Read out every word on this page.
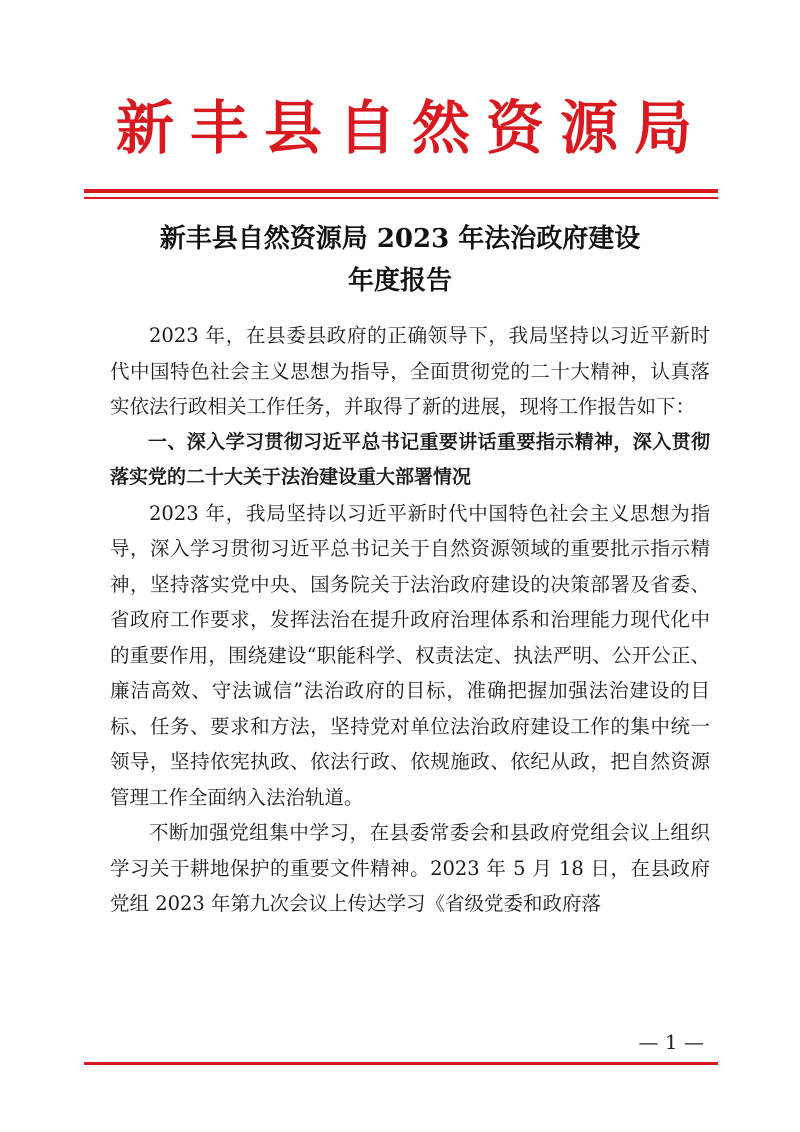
新丰县自然资源局
新丰县自然资源局 2023 年法治政府建设
年度报告

2023 年，在县委县政府的正确领导下，我局坚持以习近平新时代中国特色社会主义思想为指导，全面贯彻党的二十大精神，认真落实依法行政相关工作任务，并取得了新的进展，现将工作报告如下：

一、深入学习贯彻习近平总书记重要讲话重要指示精神，深入贯彻落实党的二十大关于法治建设重大部署情况

2023 年，我局坚持以习近平新时代中国特色社会主义思想为指导，深入学习贯彻习近平总书记关于自然资源领域的重要批示指示精神，坚持落实党中央、国务院关于法治政府建设的决策部署及省委、省政府工作要求，发挥法治在提升政府治理体系和治理能力现代化中的重要作用，围绕建设“职能科学、权责法定、执法严明、公开公正、廉洁高效、守法诚信”法治政府的目标，准确把握加强法治建设的目标、任务、要求和方法，坚持党对单位法治政府建设工作的集中统一领导，坚持依宪执政、依法行政、依规施政、依纪从政，把自然资源管理工作全面纳入法治轨道。

不断加强党组集中学习，在县委常委会和县政府党组会议上组织学习关于耕地保护的重要文件精神。2023 年 5 月 18 日，在县政府党组 2023 年第九次会议上传达学习《省级党委和政府落

— 1 —
